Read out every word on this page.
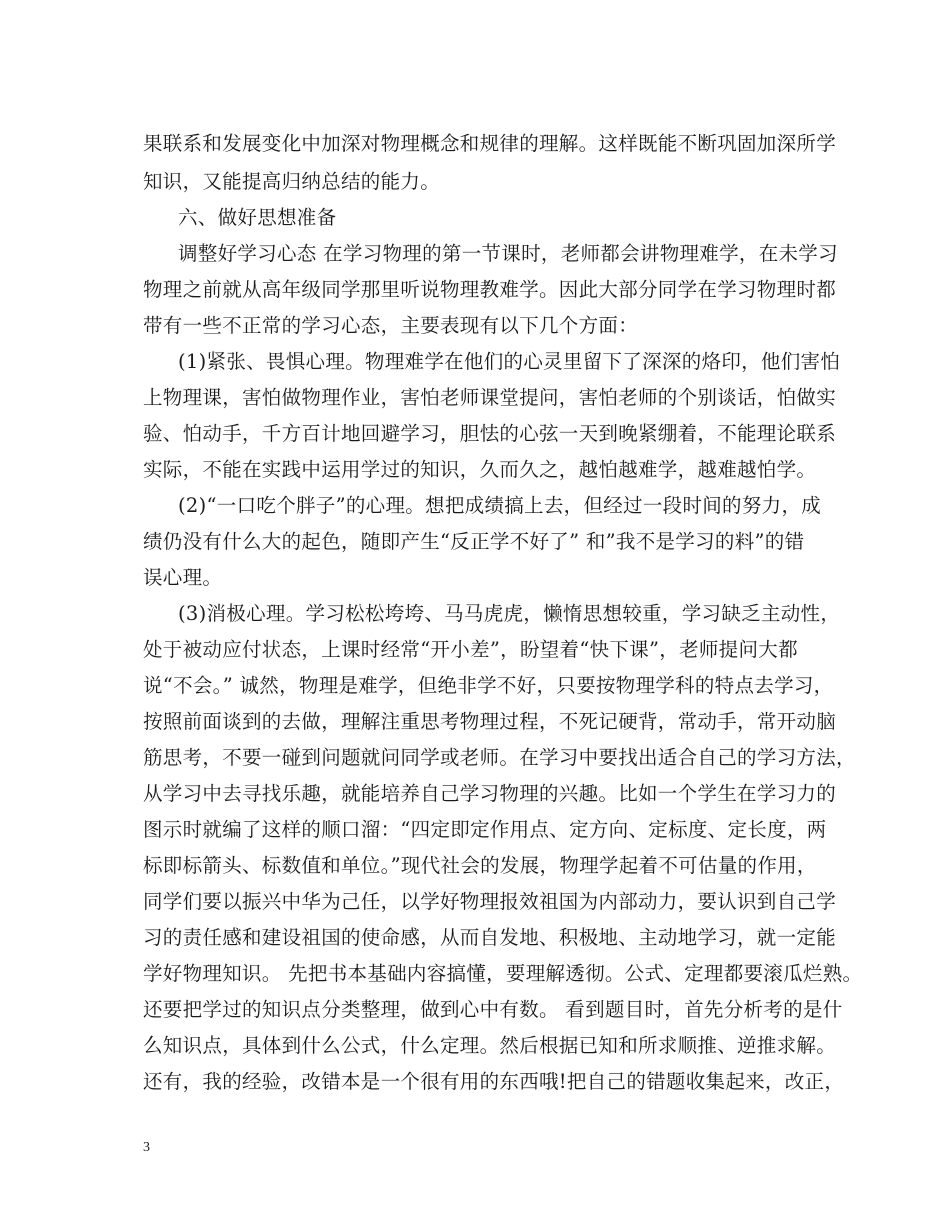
果联系和发展变化中加深对物理概念和规律的理解。这样既能不断巩固加深所学
知识，又能提高归纳总结的能力。
六、做好思想准备
调整好学习心态 在学习物理的第一节课时，老师都会讲物理难学，在未学习
物理之前就从高年级同学那里听说物理教难学。因此大部分同学在学习物理时都
带有一些不正常的学习心态，主要表现有以下几个方面：
(1)紧张、畏惧心理。物理难学在他们的心灵里留下了深深的烙印，他们害怕
上物理课，害怕做物理作业，害怕老师课堂提问，害怕老师的个别谈话，怕做实
验、怕动手，千方百计地回避学习，胆怯的心弦一天到晚紧绷着，不能理论联系
实际，不能在实践中运用学过的知识，久而久之，越怕越难学，越难越怕学。
(2)“一口吃个胖子”的心理。想把成绩搞上去，但经过一段时间的努力，成
绩仍没有什么大的起色，随即产生“反正学不好了” 和”我不是学习的料”的错
误心理。
(3)消极心理。学习松松垮垮、马马虎虎，懒惰思想较重，学习缺乏主动性，
处于被动应付状态，上课时经常“开小差”，盼望着“快下课”，老师提问大都
说“不会。” 诚然，物理是难学，但绝非学不好，只要按物理学科的特点去学习，
按照前面谈到的去做，理解注重思考物理过程，不死记硬背，常动手，常开动脑
筋思考，不要一碰到问题就问同学或老师。在学习中要找出适合自己的学习方法，
从学习中去寻找乐趣，就能培养自己学习物理的兴趣。比如一个学生在学习力的
图示时就编了这样的顺口溜：“四定即定作用点、定方向、定标度、定长度，两
标即标箭头、标数值和单位。”现代社会的发展，物理学起着不可估量的作用，
同学们要以振兴中华为己任，以学好物理报效祖国为内部动力，要认识到自己学
习的责任感和建设祖国的使命感，从而自发地、积极地、主动地学习，就一定能
学好物理知识。 先把书本基础内容搞懂，要理解透彻。公式、定理都要滚瓜烂熟。
还要把学过的知识点分类整理，做到心中有数。 看到题目时，首先分析考的是什
么知识点，具体到什么公式，什么定理。然后根据已知和所求顺推、逆推求解。
还有，我的经验，改错本是一个很有用的东西哦!把自己的错题收集起来，改正，
3
